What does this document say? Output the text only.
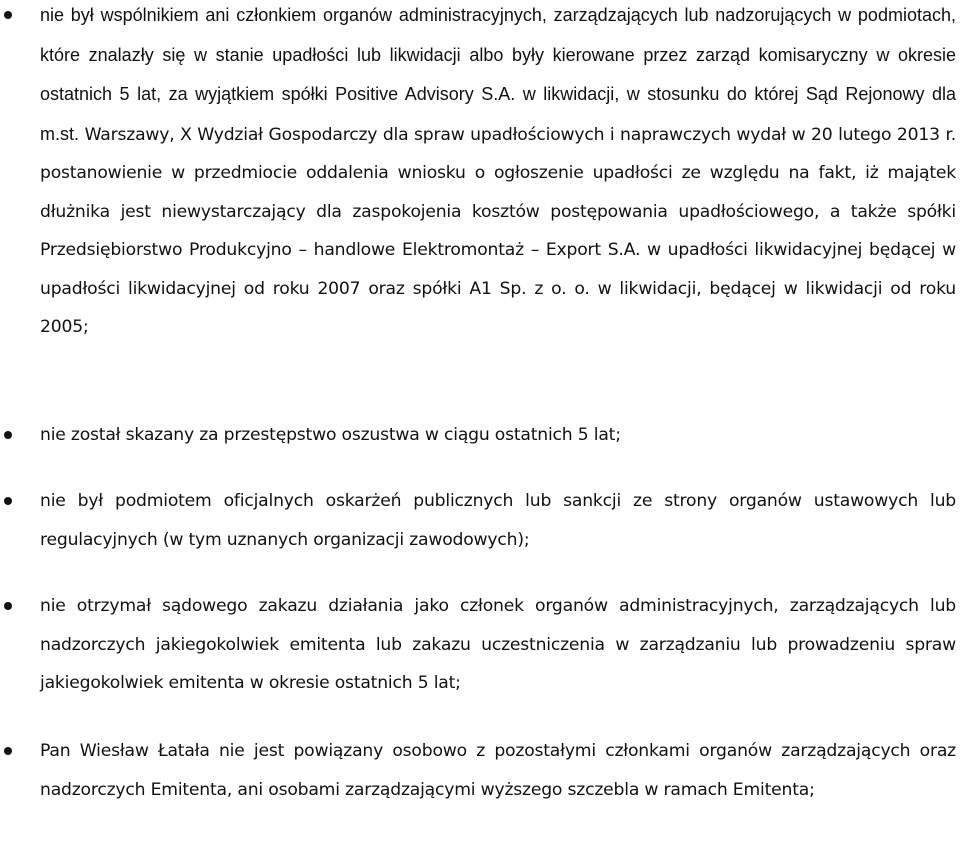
nie był wspólnikiem ani członkiem organów administracyjnych, zarządzających lub nadzorujących w podmiotach, które znalazły się w stanie upadłości lub likwidacji albo były kierowane przez zarząd komisaryczny w okresie ostatnich 5 lat, za wyjątkiem spółki Positive Advisory S.A. w likwidacji, w stosunku do której Sąd Rejonowy dla m.st. Warszawy, X Wydział Gospodarczy dla spraw upadłościowych i naprawczych wydał w 20 lutego 2013 r. postanowienie w przedmiocie oddalenia wniosku o ogłoszenie upadłości ze względu na fakt, iż majątek dłużnika jest niewystarczający dla zaspokojenia kosztów postępowania upadłościowego, a także spółki Przedsiębiorstwo Produkcyjno – handlowe Elektromontaż – Export S.A. w upadłości likwidacyjnej będącej w upadłości likwidacyjnej od roku 2007 oraz spółki A1 Sp. z o. o. w likwidacji, będącej w likwidacji od roku 2005;
nie został skazany za przestępstwo oszustwa w ciągu ostatnich 5 lat;
nie był podmiotem oficjalnych oskarżeń publicznych lub sankcji ze strony organów ustawowych lub regulacyjnych (w tym uznanych organizacji zawodowych);
nie otrzymał sądowego zakazu działania jako członek organów administracyjnych, zarządzających lub nadzorczych jakiegokolwiek emitenta lub zakazu uczestniczenia w zarządzaniu lub prowadzeniu spraw jakiegokolwiek emitenta w okresie ostatnich 5 lat;
Pan Wiesław Łatała nie jest powiązany osobowo z pozostałymi członkami organów zarządzających oraz nadzorczych Emitenta, ani osobami zarządzającymi wyższego szczebla w ramach Emitenta;
